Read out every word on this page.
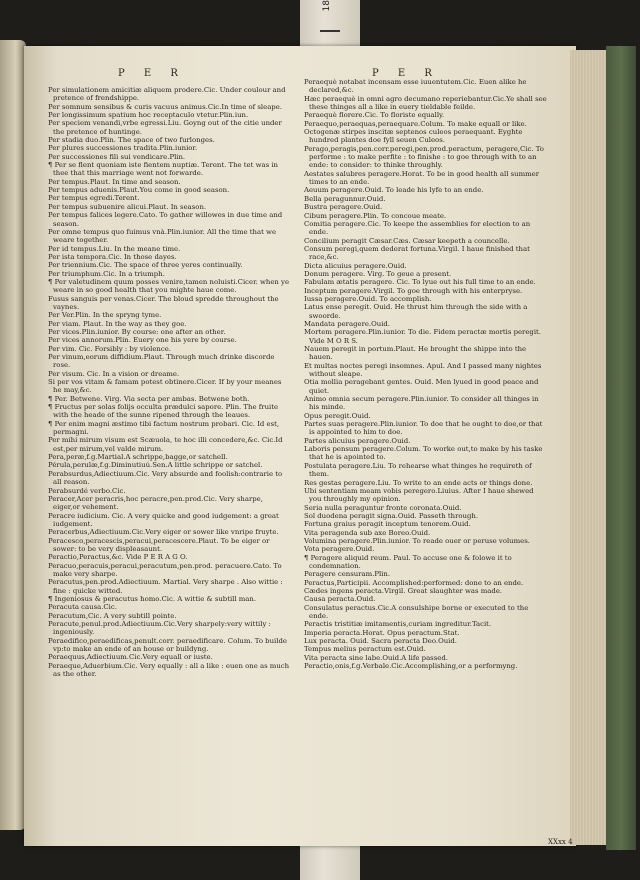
18
P E R	P E R

Per simulationem amicitiæ aliquem prodere.Cic. Under coulour and pretence of frendshippe.

Per somnum sensibus & curis vacuus animus.Cic.In time of sleape.

Per longissimum spatium hoc receptaculo vtetur.Plin.iun.

Per speciem venandi,vrbe egressi.Liu. Goyng out of the citie under the pretence of huntinge.

Per stadia duo.Plin. The space of two furlonges.

Per plures successiones tradita.Plin.iunior.

Per successiones fili sui vendicare.Plin.

¶ Per se flent quoniam iste fientem nuptiæ. Terent. The tet was in thee that this marriage went not forwarde.

Per tempus.Plaut. In time and season.

Per tempus aduenis.Plaut.You come in good season.

Per tempus egredi.Terent.

Per tempus subuenire alicui.Plaut. In season.

Per tempus falices legere.Cato. To gather willowes in due time and season.

Per omne tempus quo fuimus vnà.Plin.iunior. All the time that we weare together.

Per id tempus.Liu. In the meane time.

Per ista tempora.Cic. In those dayes.

Per triennium.Cic. The space of three yeres continually.

Per triumphum.Cic. In a triumph.

¶ Per valetudinem quum posses venire,tamen noluisti.Cicer. when ye weare in so good health that you mighte haue come.

Fusus sanguis per venas.Cicer. The bloud spredde throughout the vaynes.

Per Ver.Plin. In the spryng tyme.

Per viam. Plaut. In the way as they goe.

Per vices.Plin.iunior. By course: one after an other.

Per vices annorum.Plin. Euery one his yere by course.

Per vim. Cic. Forsibly : by violence.

Per vinum,eorum diffidium.Plaut. Through much drinke discorde rose.

Per visum. Cic. In a vision or dreame.

Si per vos vitam & famam potest obtinere.Cicer. If by your meanes he may,&c.

¶ Per. Betwene. Virg. Via secta per ambas. Betwene both.

¶ Fructus per solas folijs occulta prædulci sapore. Plin. The fruite with the heade of the sunne ripened through the leaues.

¶ Per enim magni æstimo tibi factum nostrum probari. Cic. Id est, permagni.

Per mihi mirum visum est Scæuola, te hoc illi concedere,&c. Cic.Id est,per mirum,vel valde mirum.

Pera,peræ,f.g.Martial.A schrippe,bagge,or satchell.

Pérula,perulæ,f.g.Diminutiuú.Sen.A little schrippe or satchel.

Perabsurdus,Adiectiuum.Cic. Very absurde and foolish:contrarie to all reason.

Perabsurdé verbo.Cic.

Peracer,Acer peracris,hoc peracre,pen.prod.Cic. Very sharpe, eiger,or vehement.

Peracre iudicium. Cic. A very quicke and good iudgement: a great iudgement.

Peracerbus,Adiectiuum.Cic.Very eiger or sower like vnripe fruyte.

Peracesco,peracescis,peracui,peracescere.Plaut. To be eiger or sower: to be very displeasaunt.

Peractio,Peractus,&c. Vide P E R A G O.

Peracuo,peracuis,peracui,peracutum,pen.prod. peracuere.Cato. To make very sharpe.

Peracutus,pen.prod.Adiectiuum. Martial. Very sharpe . Also wittie : fine : quicke witted.

¶ Ingeniosus & peracutus homo.Cic. A wittie & subtill man.

Peracuta causa.Cic.

Peracutum,Cic. A very subtill pointe.

Peracute,penul.prod.Adiectiuum.Cic.Very sharpely:very wittily : ingeniously.

Peraedifico,peraedificas,penult.corr. peraedificare. Colum. To builde vp:to make an ende of an house or buildyng.

Peraequus,Adiectiuum.Cic.Very equall or iuste.

Peraeque,Aduerbium.Cic. Very equally : all a like : euen one as much as the other.

Peraequè notabat incensam esse iuuentutem.Cic. Euen alike he declared,&c.

Hæc peraequè in omni agro decumano reperiebantur.Cic.Ye shall see these thinges all a like in euery tieldable feilde.

Peraequè florere.Cic. To floriste equally.

Peraequo,peraequas,peraequare.Colum. To make equall or like.

Octogenæ stirpes inscitæ septenos culeos peraequant. Eyghte hundred plantes doe fyll seuen Culeos.

Perago,peragis,pen.corr.peregi,pen.prod.peractum, peragere,Cic. To performe : to make perfite : to finishe : to goe through with to an ende: to consider: to thinke throughly.

Aestates salubres peragere.Horat. To be in good health all summer times to an ende.

Aeuum peragere.Ouid. To leade his lyfe to an ende.

Bella peragunnur.Ouid.

Bustra peragere.Ouid.

Cibum peragere.Plin. To concoue meate.

Comitia peragere.Cic. To keepe the assemblies for election to an ende.

Concilium peragit Cæsar.Cæs. Cæsar keepeth a councelle.

Consum peregi,quem dederat fortuna.Virgil. I haue finished that race,&c.

Dicta alicuius peragere.Ouid.

Donum peragere. Virg. To geue a present.

Fabulam ætatis peragere. Cic. To lyue out his full time to an ende.

Inceptum peragere.Virgil. To goe through with his enterpryse.

Iussa peragere.Ouid. To accomplish.

Latus ense peregit. Ouid. He thrust him through the side with a swoorde.

Mandata peragere.Ouid.

Mortem peragere.Plin.iunior. To die. Fidem peractæ mortis peregit. Vide M O R S.

Nauem peregit in portum.Plaut. He brought the shippe into the hauen.

Et multas noctes peregi insomnes. Apul. And I passed many nightes without sleape.

Otia mollia peragebant gentes. Ouid. Men lyued in good peace and quiet.

Animo omnia secum peragere.Plin.iunior. To consider all thinges in his minde.

Opus peregit.Ouid.

Partes suas peragere.Plin.iunior. To doe that he ought to doe,or that is appointed to him to doe.

Partes alicuius peragere.Ouid.

Laboris pensum peragere.Colum. To worke out,to make by his taske that he is apointed to.

Postulata peragere.Liu. To rehearse what thinges he requireth of them.

Res gestas peragere.Liu. To write to an ende acts or things done.

Ubi sententiam meam vobis peregero.Liuius. After I haue shewed you throughly my opinion.

Seria nulla peraguntur fronte coronata.Ouid.

Sol duodena peragit signa.Ouid. Passeth through.

Fortuna graius peragit inceptum tenorem.Ouid.

Vita peragenda sub axe Boreo.Ouid.

Volumina peragere.Plin.iunior. To reade ouer or peruse volumes.

Vota peragere.Ouid.

¶ Peragere aliquid reum. Paul. To accuse one & folowe it to condemnation.

Peragere censuram.Plin.

Peractus,Participii. Accomplished:performed: done to an ende.

Cædes ingens peracta.Virgil. Great slaughter was made.

Causa peracta.Ouid.

Consulatus peractus.Cic.A consulshipe borne or executed to the ende.

Peractis tristitiæ imitamentis,curiam ingreditur.Tacit.

Imperia peracta.Horat. Opus peractum.Stat.

Lux peracta. Ouid. Sacra peracta Deo.Ouid.

Tempus melius peractum est.Ouid.

Vita peracta sine labe.Ouid.A life passed.

Peractio,onis,f.g.Verbale.Cic.Accomplishing,or a performyng.

XXxx 4
